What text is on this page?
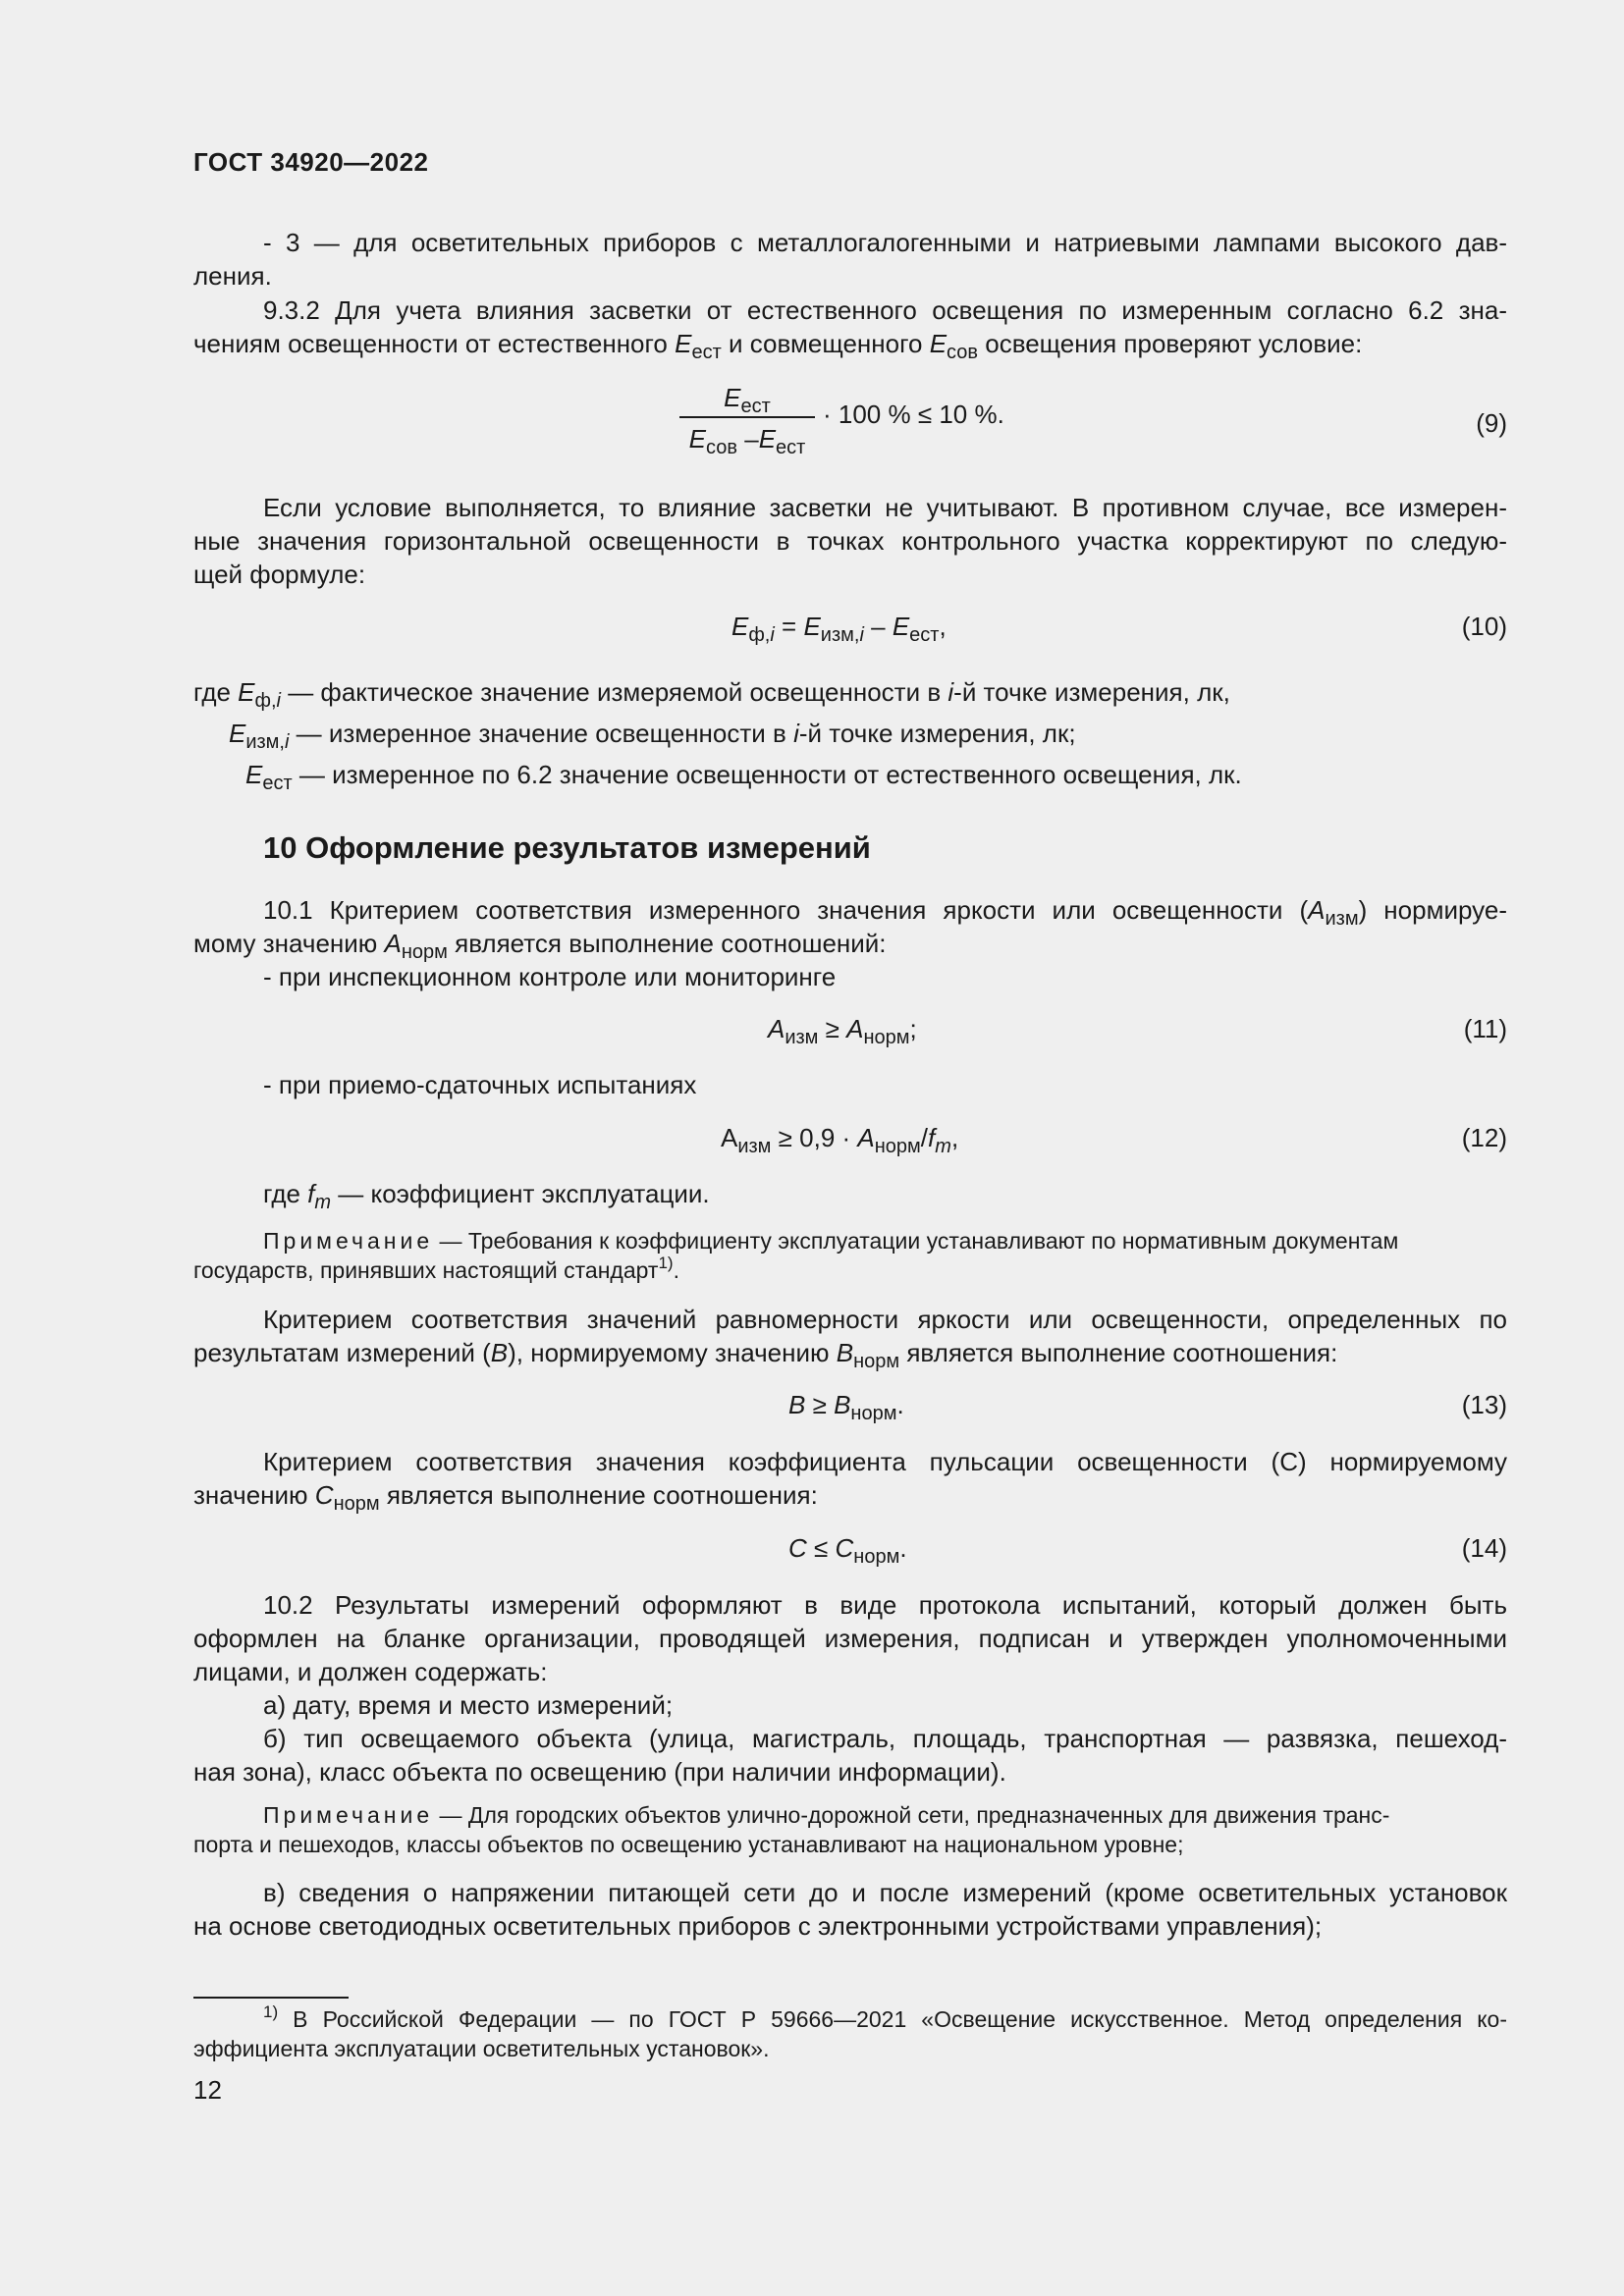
ГОСТ 34920—2022
- 3 — для осветительных приборов с металлогалогенными и натриевыми лампами высокого дав-
ления.
9.3.2 Для учета влияния засветки от естественного освещения по измеренным согласно 6.2 зна-
чениям освещенности от естественного $E_{ест}$ и совмещенного $E_{сов}$ освещения проверяют условие:
$E_{ест}$
$E_{сов}$ $-E_{ест}$
· 100 % ≤ 10 %.	(9)
Если условие выполняется, то влияние засветки не учитывают. В противном случае, все измерен-
ные значения горизонтальной освещенности в точках контрольного участка корректируют по следую-
щей формуле:
$E_{ф,i} = E_{изм,i} - E_{ест}$,	(10)
где $E_{ф,i}$ — фактическое значение измеряемой освещенности в i-й точке измерения, лк,
$E_{изм,i}$ — измеренное значение освещенности в i-й точке измерения, лк;
$E_{ест}$ — измеренное по 6.2 значение освещенности от естественного освещения, лк.
10 Оформление результатов измерений
10.1 Критерием соответствия измеренного значения яркости или освещенности $(A_{изм})$ нормируе-
мому значению $A_{норм}$ является выполнение соотношений:
- при инспекционном контроле или мониторинге
$A_{изм} \ge A_{норм}$;	(11)
- при приемо-сдаточных испытаниях
$A_{изм} \ge 0,9 \cdot A_{норм}/f_m$,	(12)
где $f_m$ — коэффициент эксплуатации.
Примечание — Требования к коэффициенту эксплуатации устанавливают по нормативным документам
государств, принявших настоящий стандарт$^{1)}$.
Критерием соответствия значений равномерности яркости или освещенности, определенных по
результатам измерений (B), нормируемому значению $B_{норм}$ является выполнение соотношения:
$B \ge B_{норм}$.	(13)
Критерием соответствия значения коэффициента пульсации освещенности (С) нормируемому
значению $C_{норм}$ является выполнение соотношения:
$C \le C_{норм}$.	(14)
10.2 Результаты измерений оформляют в виде протокола испытаний, который должен быть
оформлен на бланке организации, проводящей измерения, подписан и утвержден уполномоченными
лицами, и должен содержать:
а) дату, время и место измерений;
б) тип освещаемого объекта (улица, магистраль, площадь, транспортная — развязка, пешеход-
ная зона), класс объекта по освещению (при наличии информации).
Примечание — Для городских объектов улично-дорожной сети, предназначенных для движения транс-
порта и пешеходов, классы объектов по освещению устанавливают на национальном уровне;
в) сведения о напряжении питающей сети до и после измерений (кроме осветительных установок
на основе светодиодных осветительных приборов с электронными устройствами управления);
$^{1)}$ В Российской Федерации — по ГОСТ Р 59666—2021 «Освещение искусственное. Метод определения ко-
эффициента эксплуатации осветительных установок».
12
